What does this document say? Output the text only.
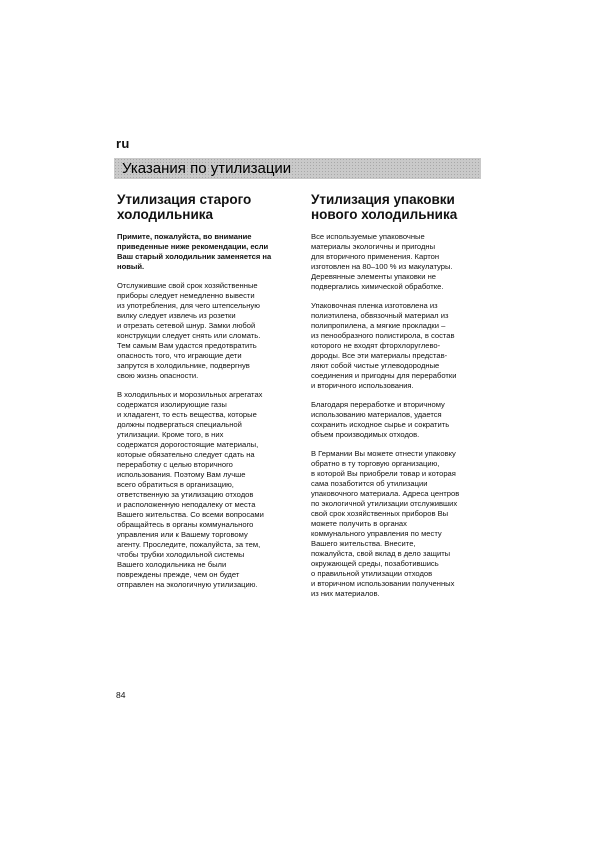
ru
Указания по утилизации
Утилизация старого
холодильника

Примите, пожалуйста, во внимание
приведенные ниже рекомендации, если
Ваш старый холодильник заменяется на
новый.

Отслужившие свой срок хозяйственные
приборы следует немедленно вывести
из употребления, для чего штепсельную
вилку следует извлечь из розетки
и отрезать сетевой шнур. Замки любой
конструкции следует снять или сломать.
Тем самым Вам удастся предотвратить
опасность того, что играющие дети
запрутся в холодильнике, подвергнув
свою жизнь опасности.

В холодильных и морозильных агрегатах
содержатся изолирующие газы
и хладагент, то есть вещества, которые
должны подвергаться специальной
утилизации. Кроме того, в них
содержатся дорогостоящие материалы,
которые обязательно следует сдать на
переработку с целью вторичного
использования. Поэтому Вам лучше
всего обратиться в организацию,
ответственную за утилизацию отходов
и расположенную неподалеку от места
Вашего жительства. Со всеми вопросами
обращайтесь в органы коммунального
управления или к Вашему торговому
агенту. Проследите, пожалуйста, за тем,
чтобы трубки холодильной системы
Вашего холодильника не были
повреждены прежде, чем он будет
отправлен на экологичную утилизацию.

Утилизация упаковки
нового холодильника

Все используемые упаковочные
материалы экологичны и пригодны
для вторичного применения. Картон
изготовлен на 80–100 % из макулатуры.
Деревянные элементы упаковки не
подвергались химической обработке.

Упаковочная пленка изготовлена из
полиэтилена, обвязочный материал из
полипропилена, а мягкие прокладки –
из пенообразного полистирола, в состав
которого не входят фторхлоруглево-
дороды. Все эти материалы представ-
ляют собой чистые углеводородные
соединения и пригодны для переработки
и вторичного использования.

Благодаря переработке и вторичному
использованию материалов, удается
сохранить исходное сырье и сократить
объем производимых отходов.

В Германии Вы можете отнести упаковку
обратно в ту торговую организацию,
в которой Вы приобрели товар и которая
сама позаботится об утилизации
упаковочного материала. Адреса центров
по экологичной утилизации отслуживших
свой срок хозяйственных приборов Вы
можете получить в органах
коммунального управления по месту
Вашего жительства. Внесите,
пожалуйста, свой вклад в дело защиты
окружающей среды, позаботившись
о правильной утилизации отходов
и вторичном использовании полученных
из них материалов.

84
